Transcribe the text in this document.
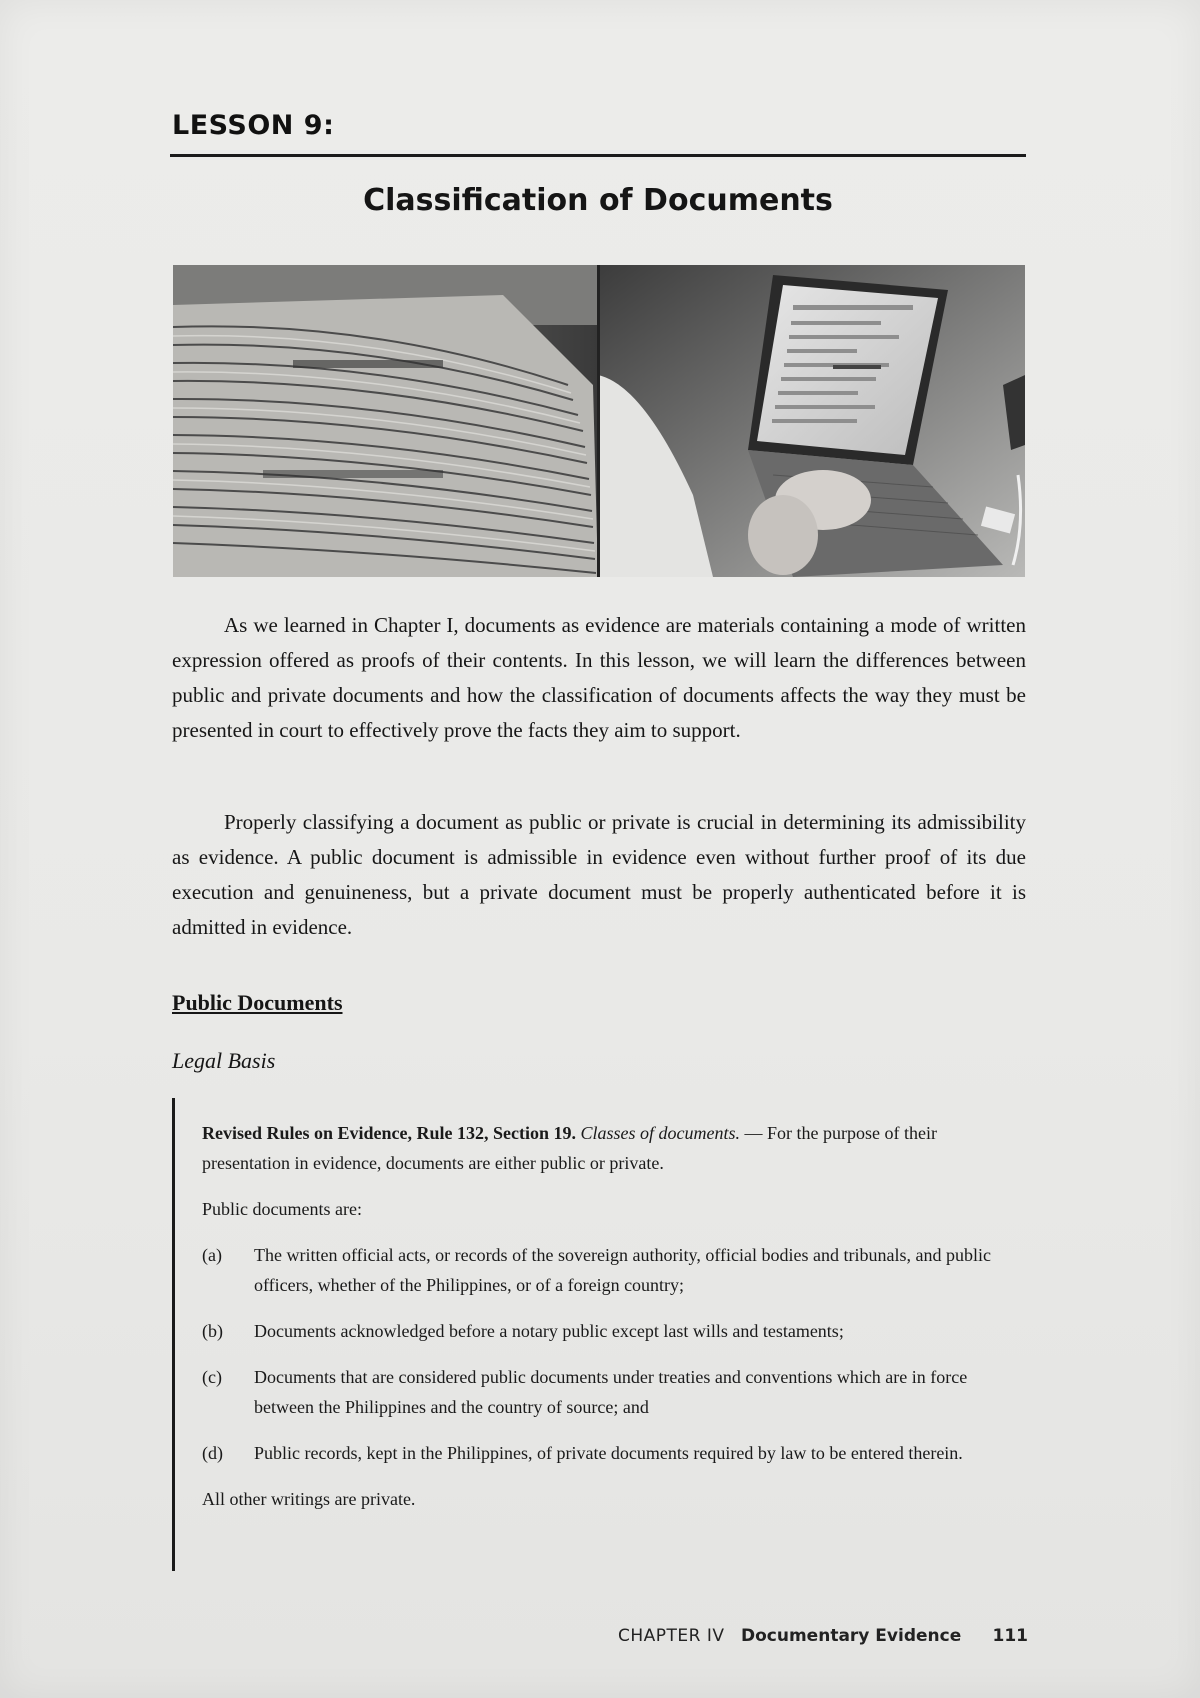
LESSON 9:
Classification of Documents

As we learned in Chapter I, documents as evidence are materials containing a mode of written expression offered as proofs of their contents. In this lesson, we will learn the differences between public and private documents and how the classification of documents affects the way they must be presented in court to effectively prove the facts they aim to support.

Properly classifying a document as public or private is crucial in determining its admissibility as evidence. A public document is admissible in evidence even without further proof of its due execution and genuineness, but a private document must be properly authenticated before it is admitted in evidence.

Public Documents
Legal Basis

Revised Rules on Evidence, Rule 132, Section 19. Classes of documents. — For the purpose of their presentation in evidence, documents are either public or private.

Public documents are:

(a) The written official acts, or records of the sovereign authority, official bodies and tribunals, and public officers, whether of the Philippines, or of a foreign country;
(b) Documents acknowledged before a notary public except last wills and testaments;
(c) Documents that are considered public documents under treaties and conventions which are in force between the Philippines and the country of source; and
(d) Public records, kept in the Philippines, of private documents required by law to be entered therein.

All other writings are private.

CHAPTER IV Documentary Evidence 111
